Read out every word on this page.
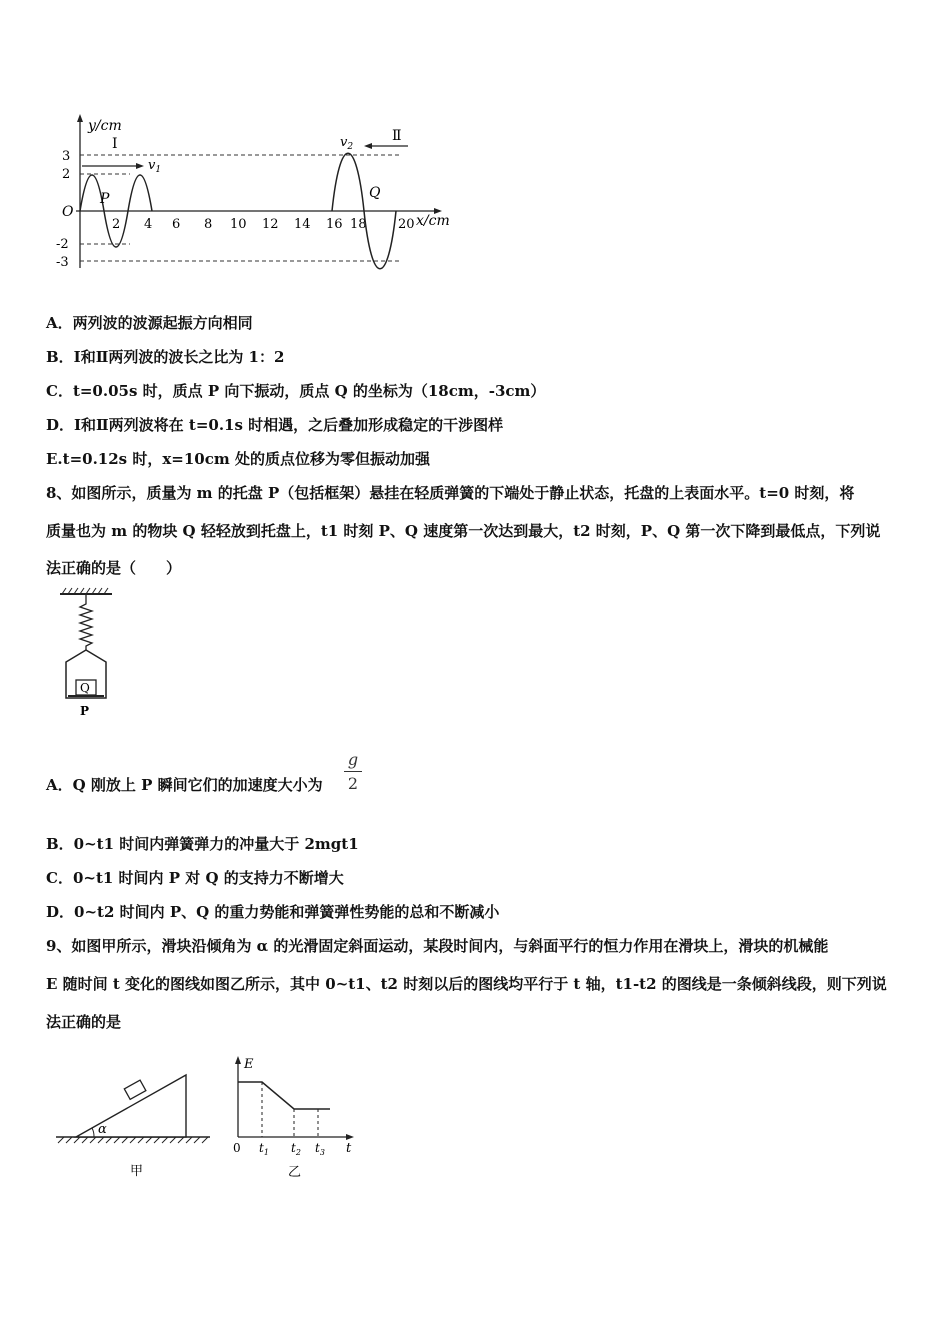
y/cm
x/cm
O
3
2
-2
-3
2 4 6 8 10 12 14 16 18 20
Ⅰ
$v_1$
P
Ⅱ
$v_2$
Q
A．两列波的波源起振方向相同
B．Ⅰ和Ⅱ两列波的波长之比为 1：2
C．t=0.05s 时，质点 P 向下振动，质点 Q 的坐标为（18cm，-3cm）
D．Ⅰ和Ⅱ两列波将在 t=0.1s 时相遇，之后叠加形成稳定的干涉图样
E.t=0.12s 时，x=10cm 处的质点位移为零但振动加强
8、如图所示，质量为 m 的托盘 P（包括框架）悬挂在轻质弹簧的下端处于静止状态，托盘的上表面水平。t=0 时刻，将
质量也为 m 的物块 Q 轻轻放到托盘上，t1 时刻 P、Q 速度第一次达到最大，t2 时刻，P、Q 第一次下降到最低点，下列说
法正确的是（　　）
Q
P
A．Q 刚放上 P 瞬间它们的加速度大小为
g
2
B．0~t1 时间内弹簧弹力的冲量大于 2mgt1
C．0~t1 时间内 P 对 Q 的支持力不断增大
D．0~t2 时间内 P、Q 的重力势能和弹簧弹性势能的总和不断减小
9、如图甲所示，滑块沿倾角为 α 的光滑固定斜面运动，某段时间内，与斜面平行的恒力作用在滑块上，滑块的机械能
E 随时间 t 变化的图线如图乙所示，其中 0~t1、t2 时刻以后的图线均平行于 t 轴，t1-t2 的图线是一条倾斜线段，则下列说
法正确的是
α
甲
E
0	t
$t_1$ $t_2$ $t_3$
乙
